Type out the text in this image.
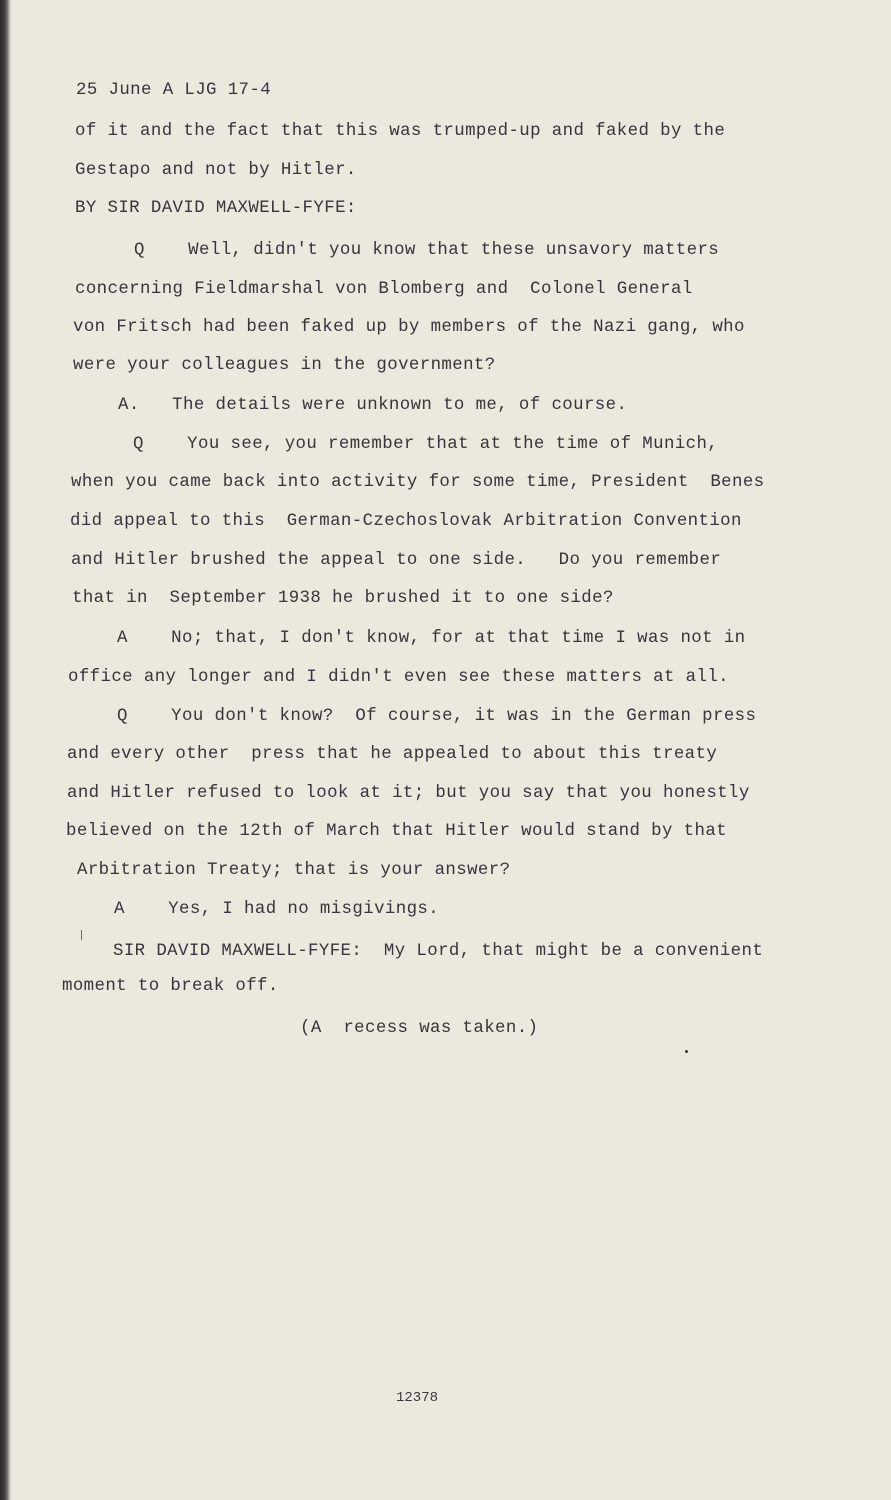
25 June A LJG 17-4
of it and the fact that this was trumped-up and faked by the
Gestapo and not by Hitler.
BY SIR DAVID MAXWELL-FYFE:
Q    Well, didn't you know that these unsavory matters
concerning Fieldmarshal von Blomberg and  Colonel General
von Fritsch had been faked up by members of the Nazi gang, who
were your colleagues in the government?
A.   The details were unknown to me, of course.
Q    You see, you remember that at the time of Munich,
when you came back into activity for some time, President  Benes
did appeal to this  German-Czechoslovak Arbitration Convention
and Hitler brushed the appeal to one side.   Do you remember
that in  September 1938 he brushed it to one side?
A    No; that, I don't know, for at that time I was not in
office any longer and I didn't even see these matters at all.
Q    You don't know?  Of course, it was in the German press
and every other  press that he appealed to about this treaty
and Hitler refused to look at it; but you say that you honestly
believed on the 12th of March that Hitler would stand by that
Arbitration Treaty; that is your answer?
A    Yes, I had no misgivings.
SIR DAVID MAXWELL-FYFE:  My Lord, that might be a convenient
moment to break off.
(A  recess was taken.)
12378
